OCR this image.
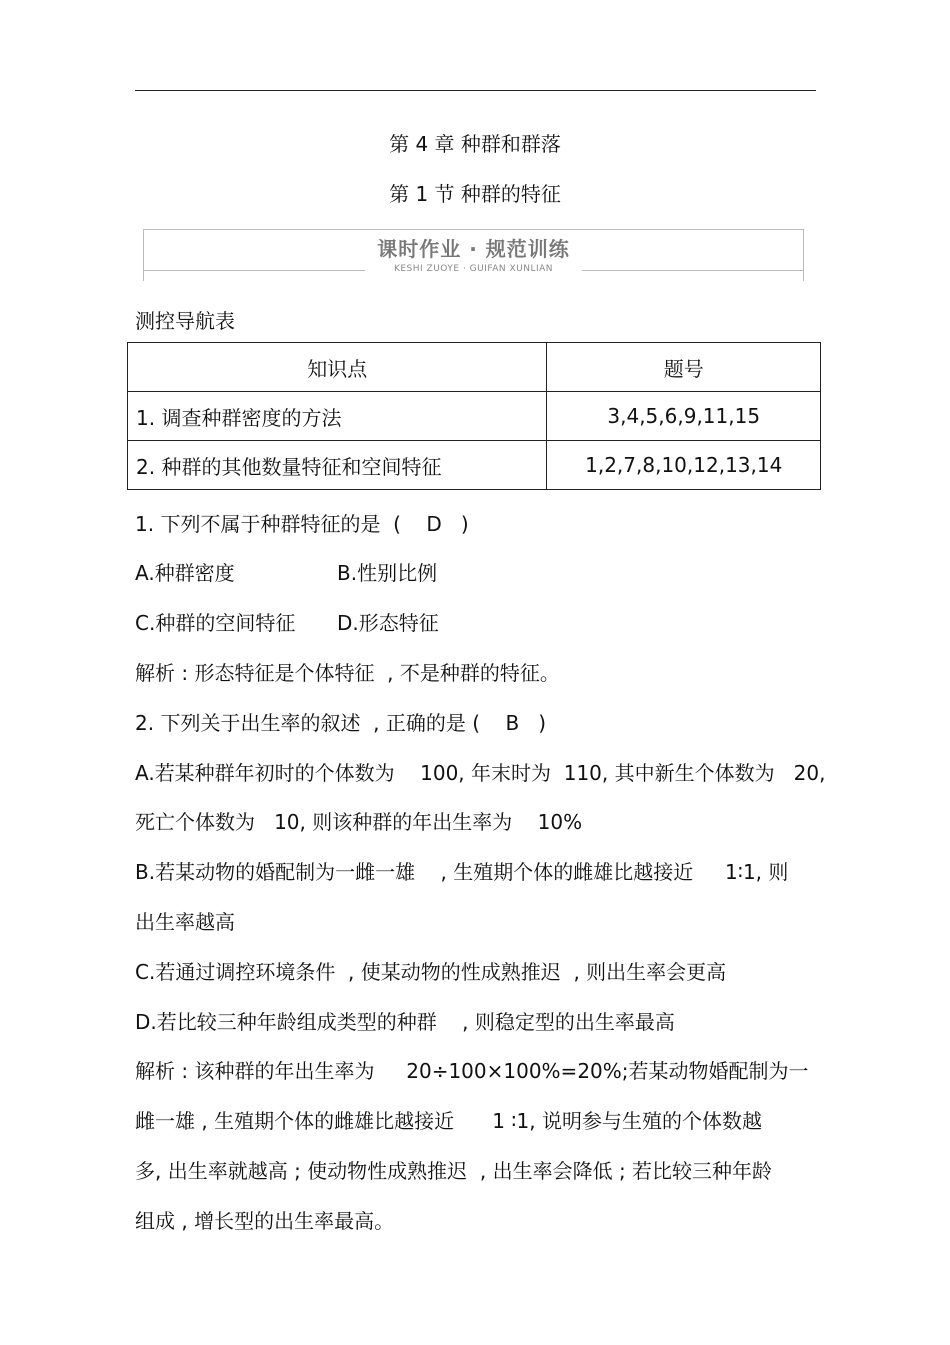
第 4 章 种群和群落
第 1 节 种群的特征
课时作业 · 规范训练
KESHI ZUOYE · GUIFAN XUNLIAN
测控导航表
知识点	题号
1. 调查种群密度的方法	3,4,5,6,9,11,15
2. 种群的其他数量特征和空间特征	1,2,7,8,10,12,13,14
1. 下列不属于种群特征的是  (    D   )
A.种群密度	B.性别比例
C.种群的空间特征 D.形态特征
解析 : 形态特征是个体特征  , 不是种群的特征。
2. 下列关于出生率的叙述  , 正确的是 (    B   )
A.若某种群年初时的个体数为    100, 年末时为  110, 其中新生个体数为   20,
死亡个体数为   10, 则该种群的年出生率为    10%
B.若某动物的婚配制为一雌一雄    , 生殖期个体的雌雄比越接近     1∶1, 则
出生率越高
C.若通过调控环境条件  , 使某动物的性成熟推迟  , 则出生率会更高
D.若比较三种年龄组成类型的种群    , 则稳定型的出生率最高
解析 : 该种群的年出生率为     20÷100×100%=20%;若某动物婚配制为一
雌一雄 , 生殖期个体的雌雄比越接近      1 ∶1, 说明参与生殖的个体数越
多, 出生率就越高 ; 使动物性成熟推迟  , 出生率会降低 ; 若比较三种年龄
组成 , 增长型的出生率最高。
